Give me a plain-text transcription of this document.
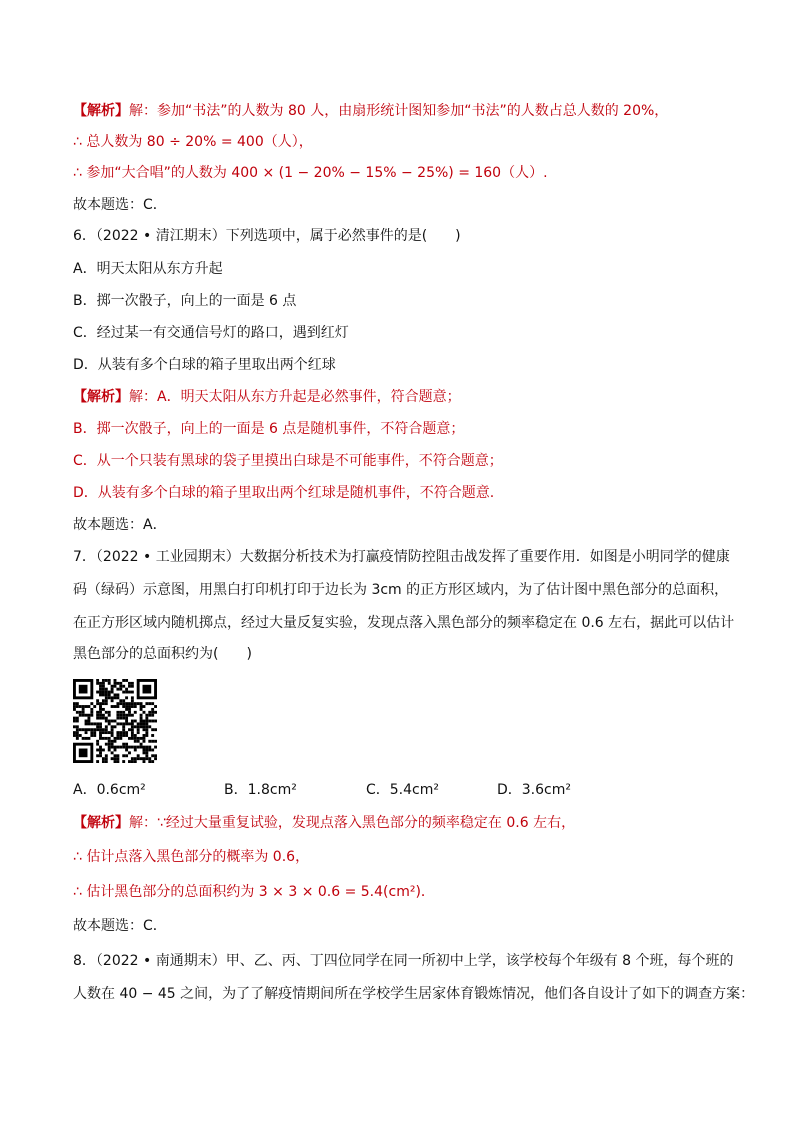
【解析】解：参加“书法”的人数为 80 人，由扇形统计图知参加“书法”的人数占总人数的 20%，
∴ 总人数为 80 ÷ 20% = 400（人），
∴ 参加“大合唱”的人数为 400 × (1 − 20% − 15% − 25%) = 160（人）.
故本题选：C．
6．（2022 • 清江期末）下列选项中，属于必然事件的是(　　)
A．明天太阳从东方升起
B．掷一次骰子，向上的一面是 6 点
C．经过某一有交通信号灯的路口，遇到红灯
D．从装有多个白球的箱子里取出两个红球
【解析】解：A．明天太阳从东方升起是必然事件，符合题意；
B．掷一次骰子，向上的一面是 6 点是随机事件，不符合题意；
C．从一个只装有黑球的袋子里摸出白球是不可能事件，不符合题意；
D．从装有多个白球的箱子里取出两个红球是随机事件，不符合题意.
故本题选：A．
7．（2022 • 工业园期末）大数据分析技术为打赢疫情防控阻击战发挥了重要作用．如图是小明同学的健康
码（绿码）示意图，用黑白打印机打印于边长为 3cm 的正方形区域内，为了估计图中黑色部分的总面积，
在正方形区域内随机掷点，经过大量反复实验，发现点落入黑色部分的频率稳定在 0.6 左右，据此可以估计
黑色部分的总面积约为(　　)
A．0.6cm²	B．1.8cm²	C．5.4cm²	D．3.6cm²
【解析】解：∵经过大量重复试验，发现点落入黑色部分的频率稳定在 0.6 左右，
∴ 估计点落入黑色部分的概率为 0.6，
∴ 估计黑色部分的总面积约为 3 × 3 × 0.6 = 5.4(cm²)．
故本题选：C．
8．（2022 • 南通期末）甲、乙、丙、丁四位同学在同一所初中上学，该学校每个年级有 8 个班，每个班的
人数在 40 − 45 之间，为了了解疫情期间所在学校学生居家体育锻炼情况，他们各自设计了如下的调查方案：
